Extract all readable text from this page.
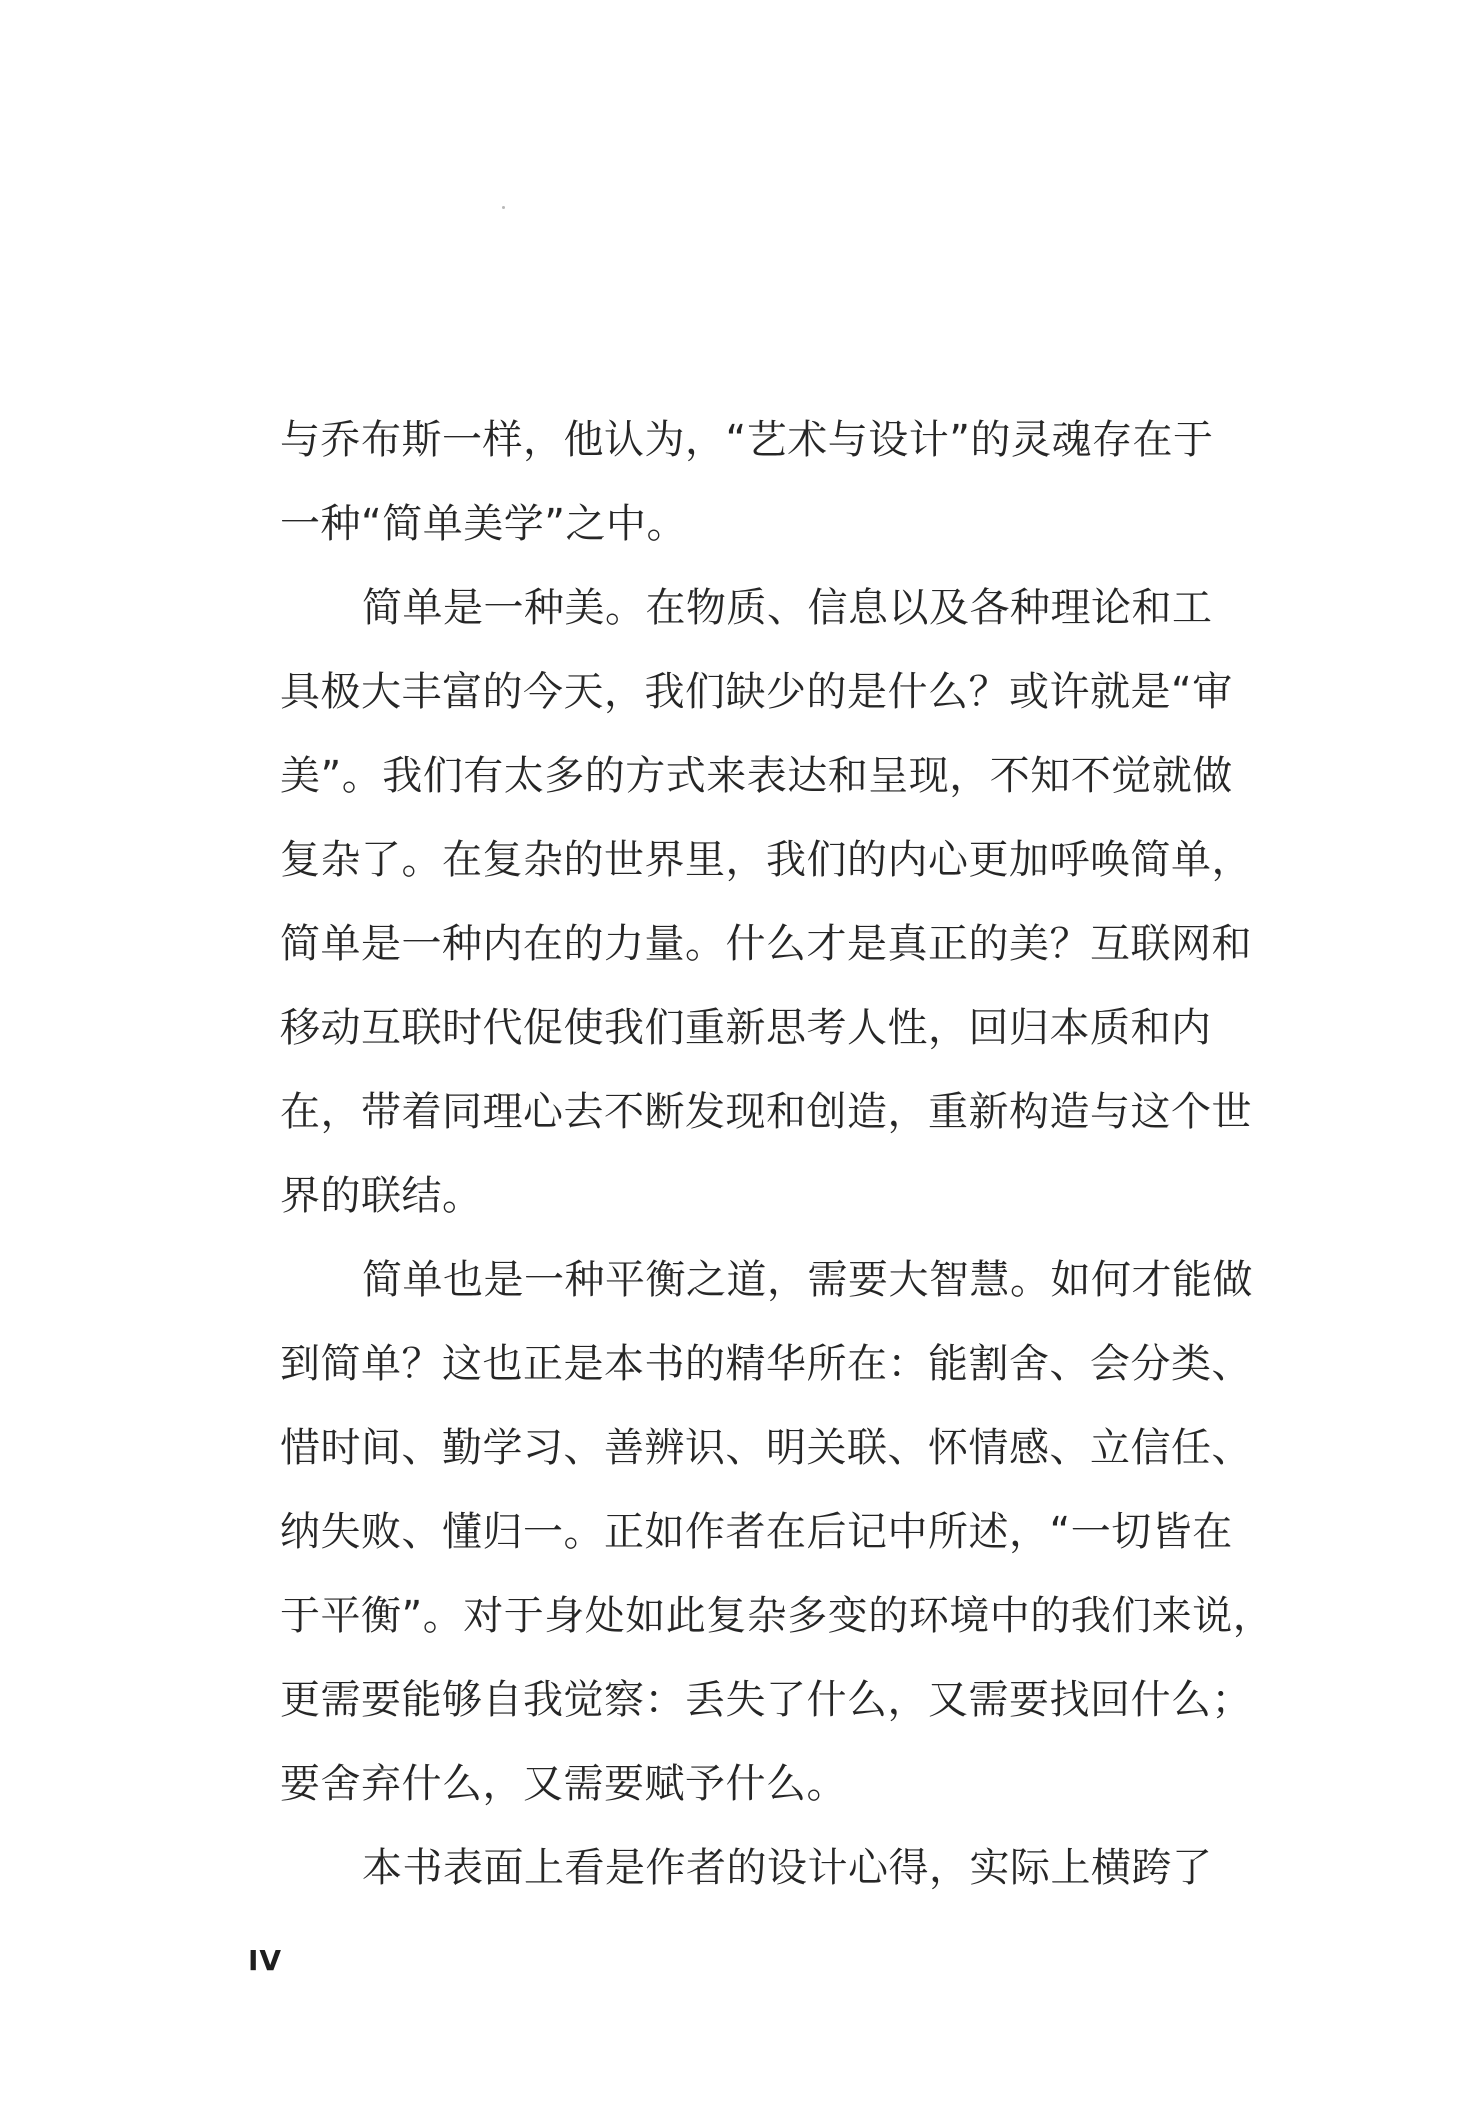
与乔布斯一样，他认为，“艺术与设计”的灵魂存在于
一种“简单美学”之中。
简单是一种美。在物质、信息以及各种理论和工
具极大丰富的今天，我们缺少的是什么？或许就是“审
美”。我们有太多的方式来表达和呈现，不知不觉就做
复杂了。在复杂的世界里，我们的内心更加呼唤简单，
简单是一种内在的力量。什么才是真正的美？互联网和
移动互联时代促使我们重新思考人性，回归本质和内
在，带着同理心去不断发现和创造，重新构造与这个世
界的联结。
简单也是一种平衡之道，需要大智慧。如何才能做
到简单？这也正是本书的精华所在：能割舍、会分类、
惜时间、勤学习、善辨识、明关联、怀情感、立信任、
纳失败、懂归一。正如作者在后记中所述，“一切皆在
于平衡”。对于身处如此复杂多变的环境中的我们来说，
更需要能够自我觉察：丢失了什么，又需要找回什么；
要舍弃什么，又需要赋予什么。
本书表面上看是作者的设计心得，实际上横跨了
IV
